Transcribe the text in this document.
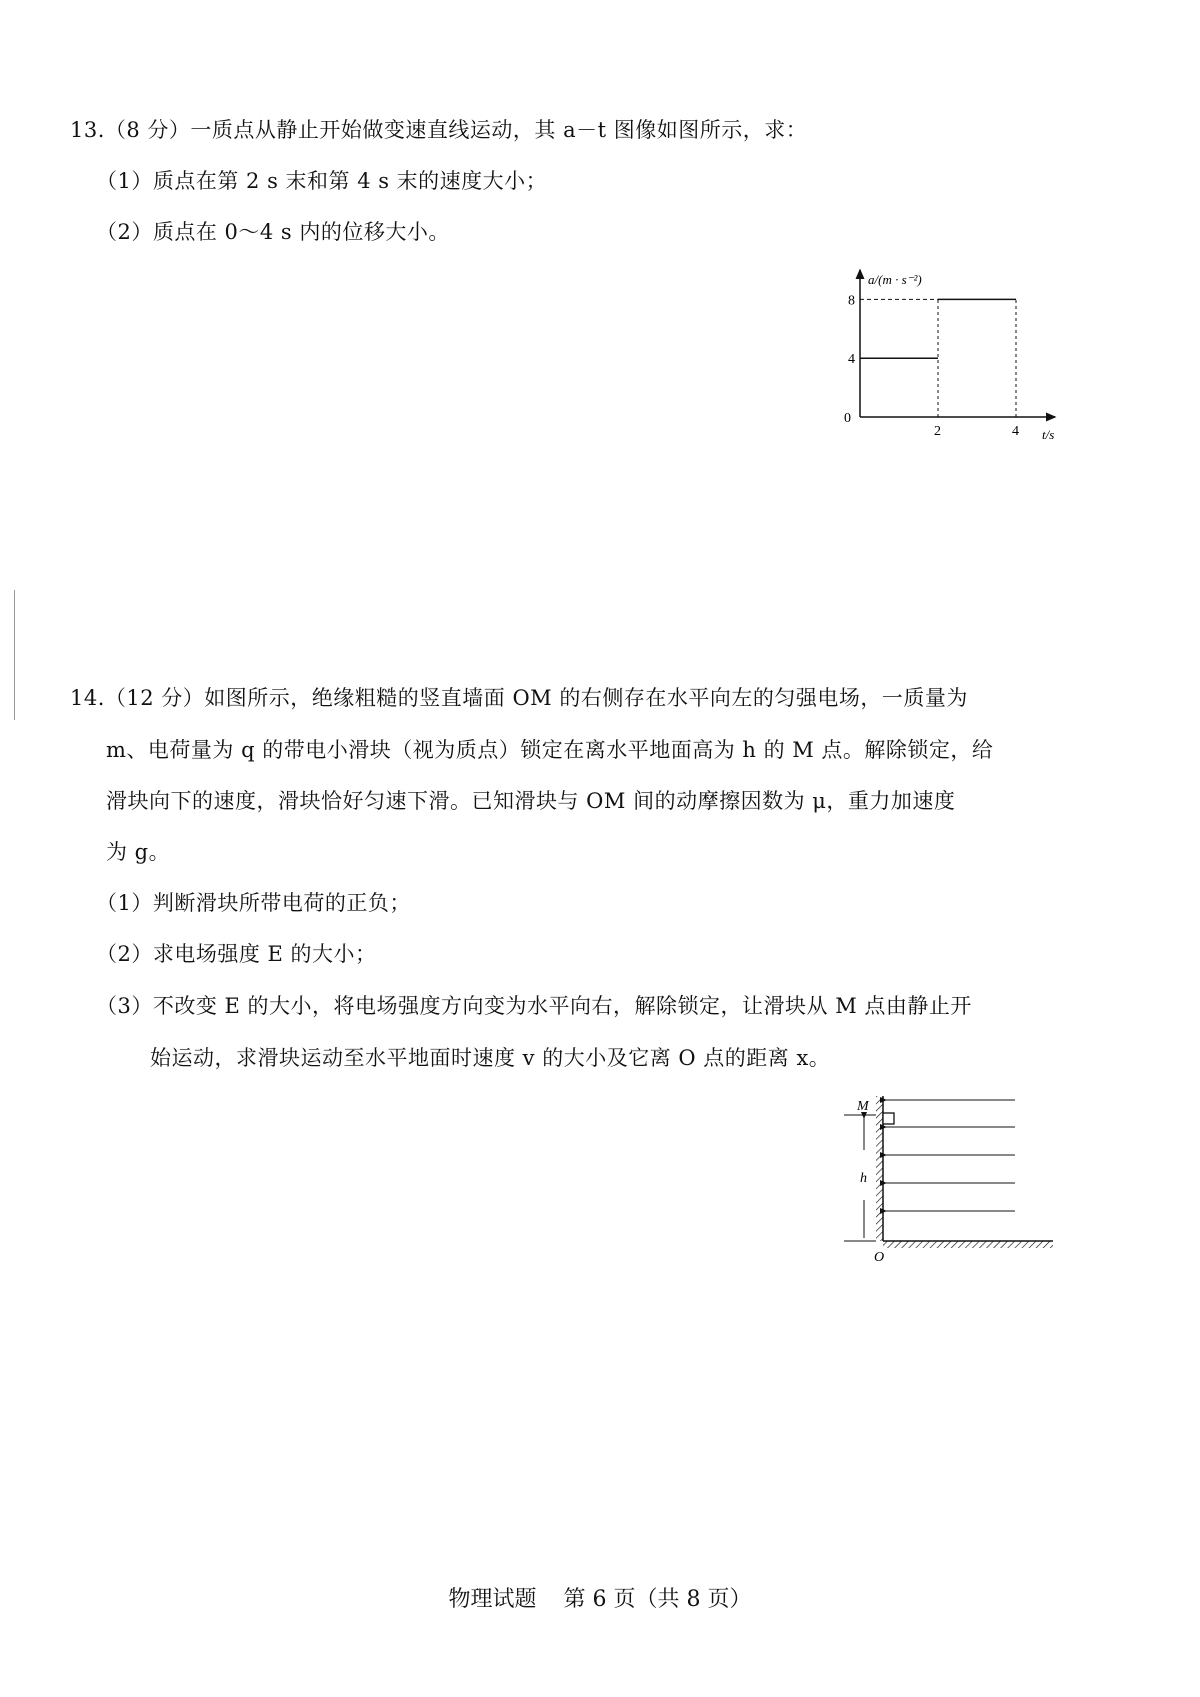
13.（8 分）一质点从静止开始做变速直线运动，其 a－t 图像如图所示，求：
（1）质点在第 2 s 末和第 4 s 末的速度大小；
（2）质点在 0～4 s 内的位移大小。
a/(m · s⁻²)
t/s
0
4
8
2	4
14.（12 分）如图所示，绝缘粗糙的竖直墙面 OM 的右侧存在水平向左的匀强电场，一质量为
m、电荷量为 q 的带电小滑块（视为质点）锁定在离水平地面高为 h 的 M 点。解除锁定，给
滑块向下的速度，滑块恰好匀速下滑。已知滑块与 OM 间的动摩擦因数为 μ，重力加速度
为 g。
（1）判断滑块所带电荷的正负；
（2）求电场强度 E 的大小；
（3）不改变 E 的大小，将电场强度方向变为水平向右，解除锁定，让滑块从 M 点由静止开
始运动，求滑块运动至水平地面时速度 v 的大小及它离 O 点的距离 x。
M
h
O
物理试题 第 6 页（共 8 页）
